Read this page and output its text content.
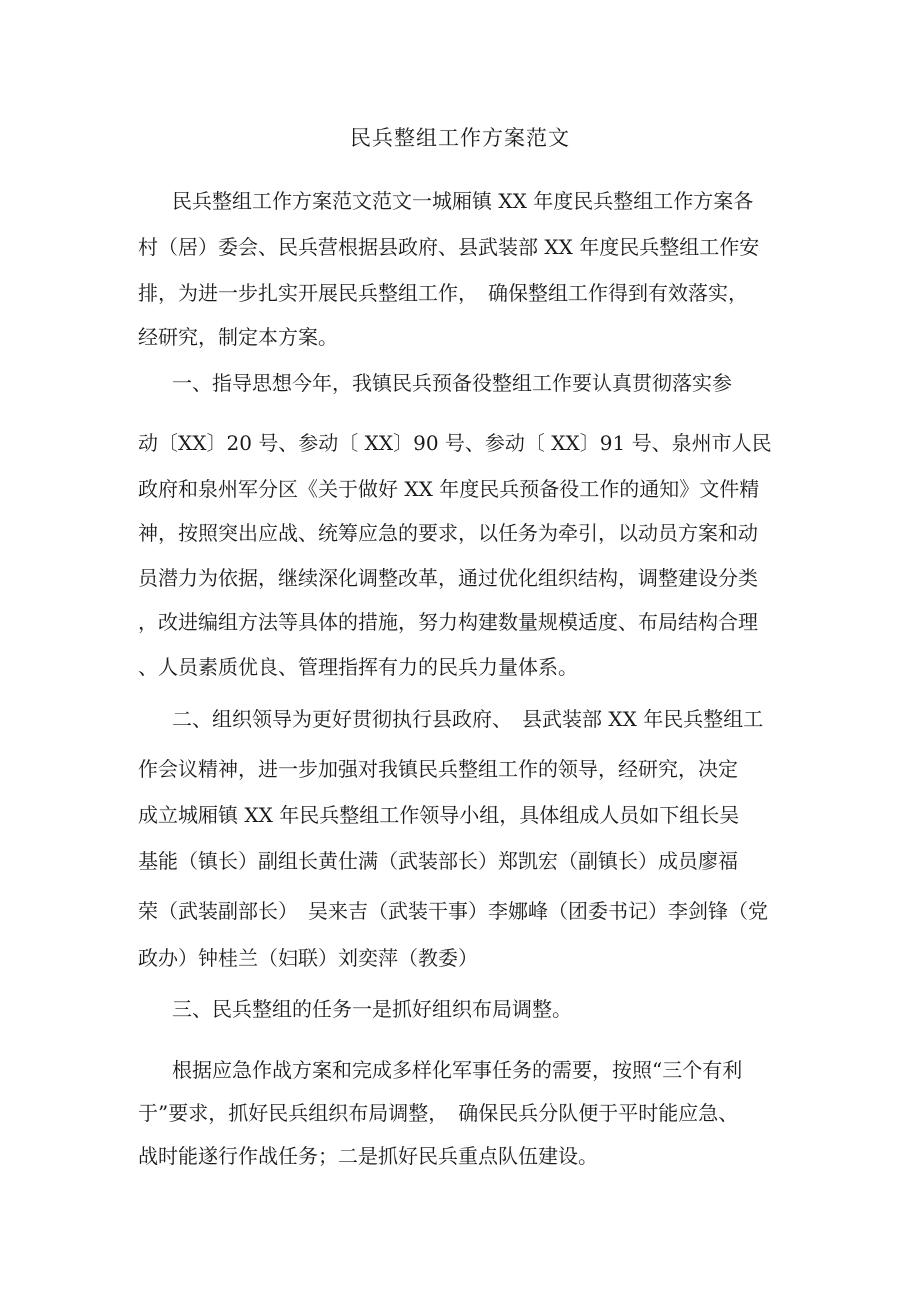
民兵整组工作方案范文
民兵整组工作方案范文范文一城厢镇 XX 年度民兵整组工作方案各
村（居）委会、民兵营根据县政府、县武装部 XX 年度民兵整组工作安
排，为进一步扎实开展民兵整组工作，　确保整组工作得到有效落实，
经研究，制定本方案。
一、指导思想今年，我镇民兵预备役整组工作要认真贯彻落实参
动〔XX〕20 号、参动〔 XX〕90 号、参动〔 XX〕91 号、泉州市人民
政府和泉州军分区《关于做好 XX 年度民兵预备役工作的通知》文件精
神，按照突出应战、统筹应急的要求，以任务为牵引，以动员方案和动
员潜力为依据，继续深化调整改革，通过优化组织结构，调整建设分类
，改进编组方法等具体的措施，努力构建数量规模适度、布局结构合理
、人员素质优良、管理指挥有力的民兵力量体系。
二、组织领导为更好贯彻执行县政府、　县武装部 XX 年民兵整组工
作会议精神，进一步加强对我镇民兵整组工作的领导，经研究，决定
成立城厢镇 XX 年民兵整组工作领导小组，具体组成人员如下组长吴
基能（镇长）副组长黄仕满（武装部长）郑凯宏（副镇长）成员廖福
荣（武装副部长）　吴来吉（武装干事）李娜峰（团委书记）李剑锋（党
政办）钟桂兰（妇联）刘奕萍（教委）
三、民兵整组的任务一是抓好组织布局调整。
根据应急作战方案和完成多样化军事任务的需要，按照“三个有利
于”要求，抓好民兵组织布局调整，　确保民兵分队便于平时能应急、
战时能遂行作战任务；二是抓好民兵重点队伍建设。
